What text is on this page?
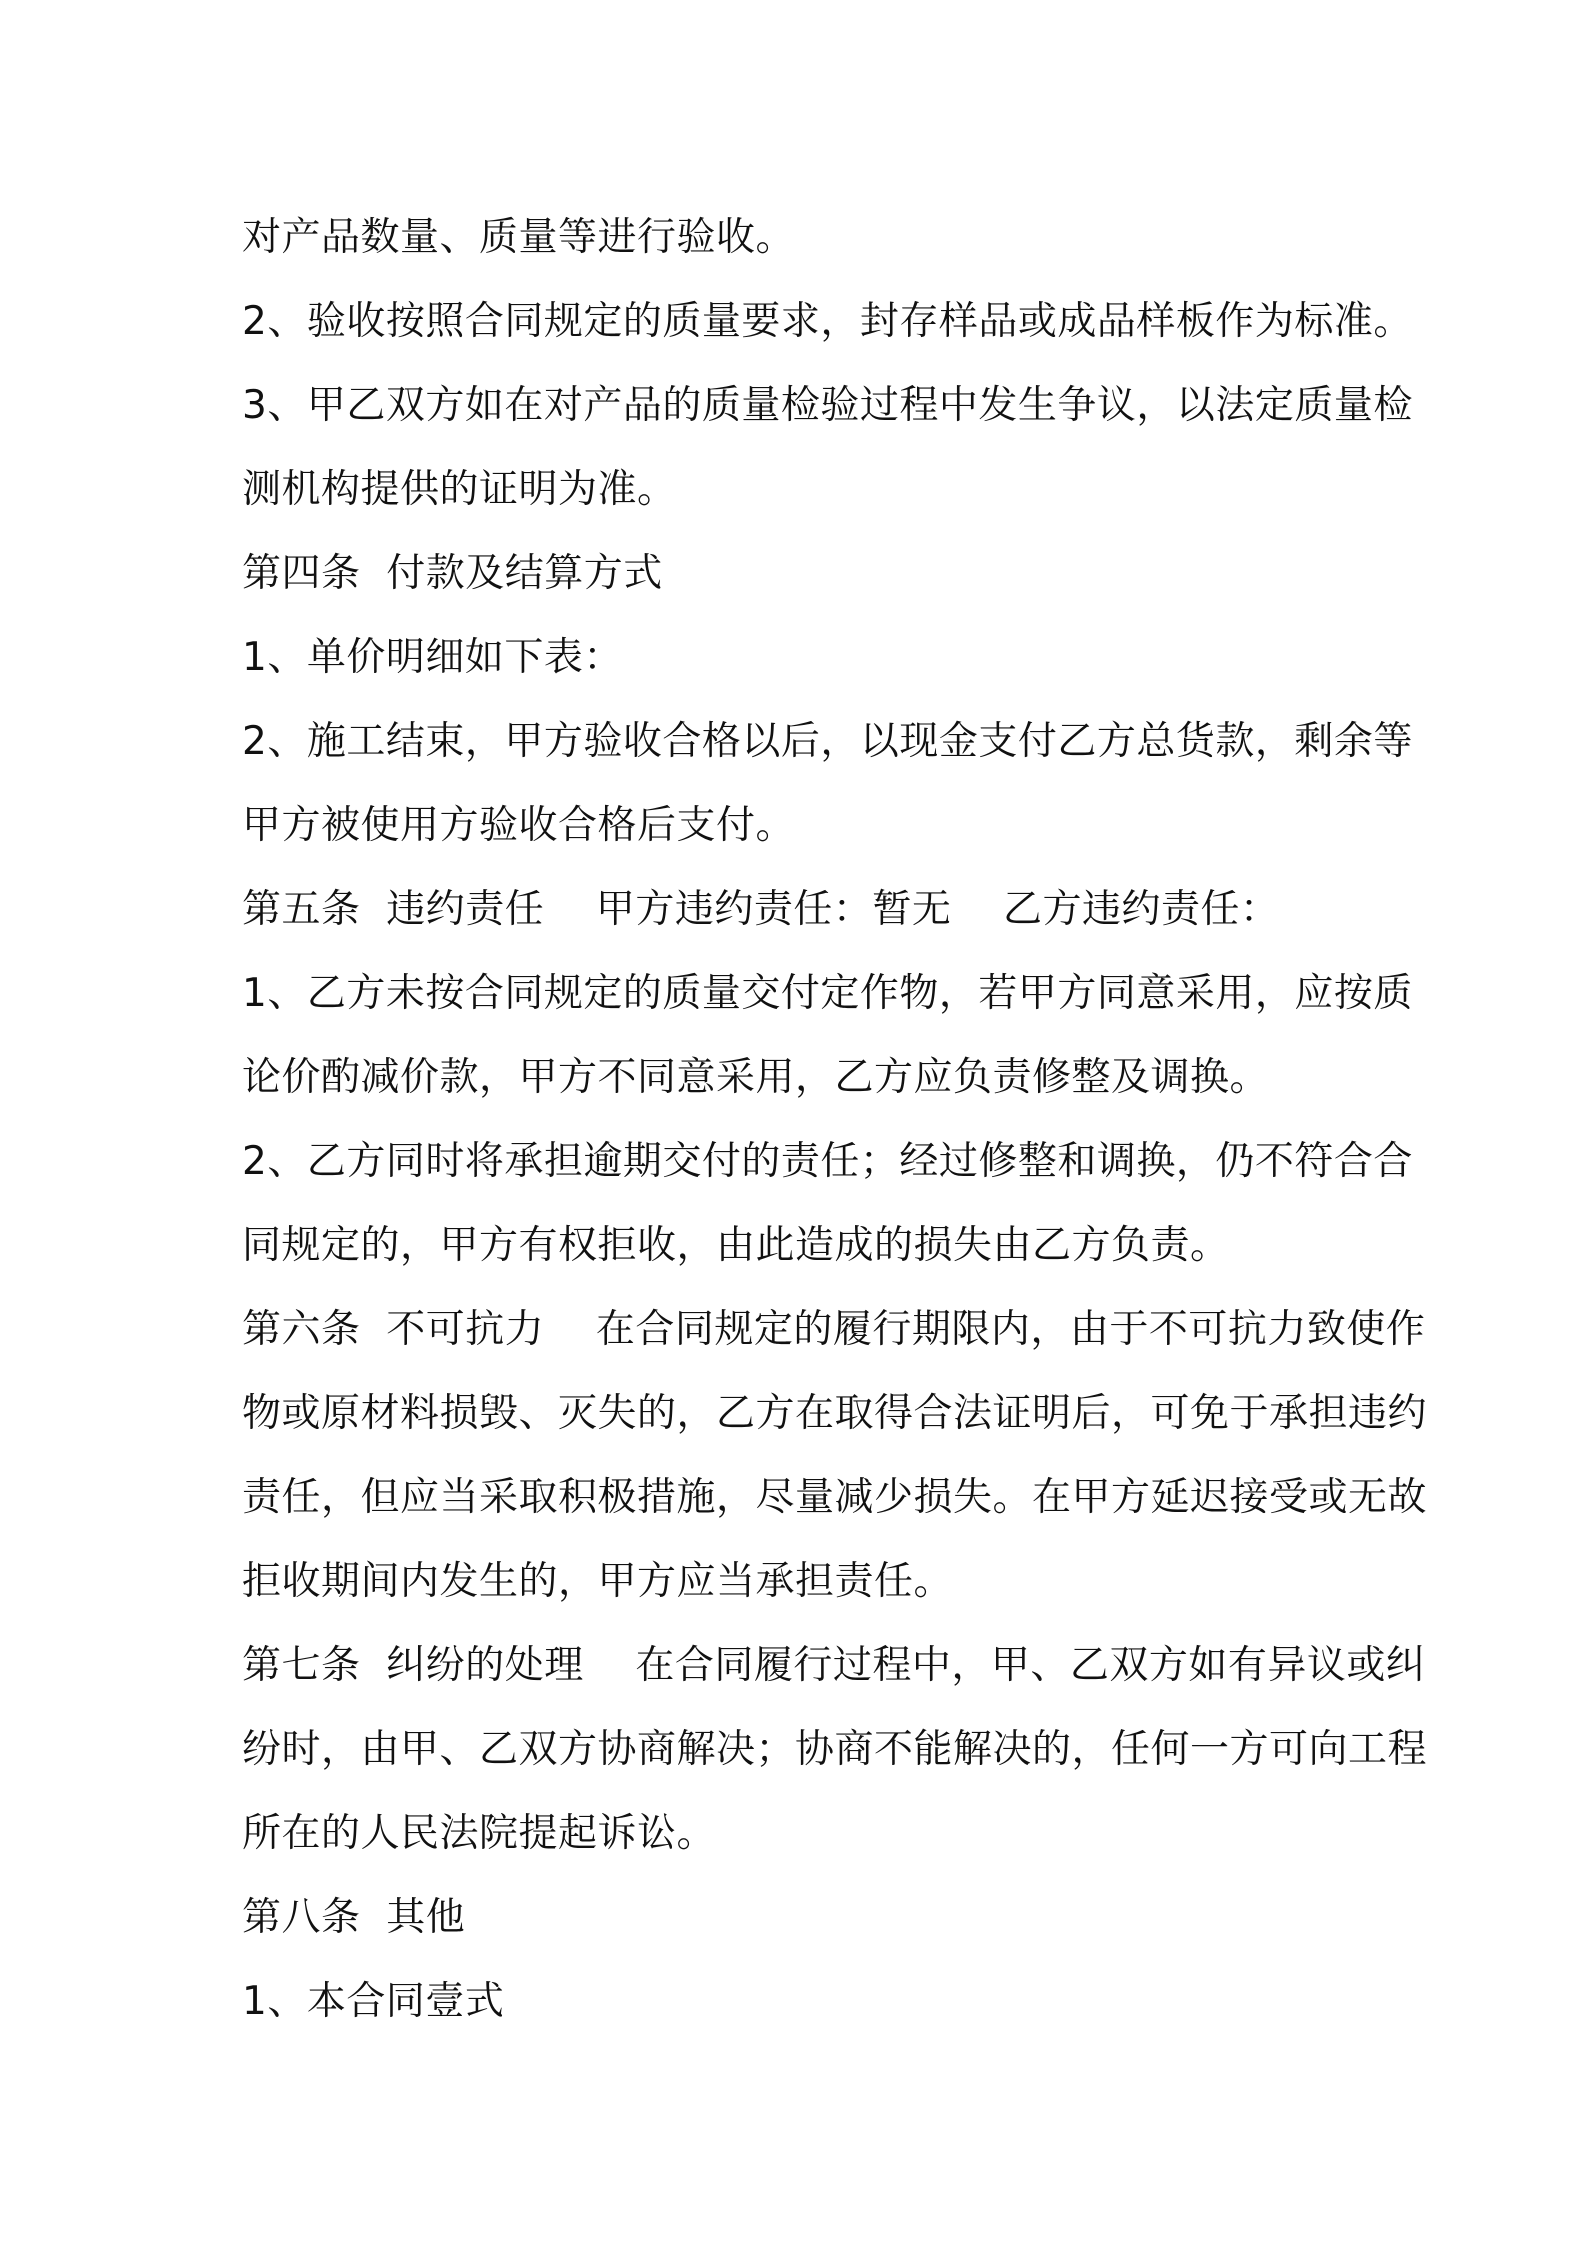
对产品数量、质量等进行验收。
2、验收按照合同规定的质量要求，封存样品或成品样板作为标准。
3、甲乙双方如在对产品的质量检验过程中发生争议，以法定质量检
测机构提供的证明为准。
第四条  付款及结算方式
1、单价明细如下表：
2、施工结束，甲方验收合格以后，以现金支付乙方总货款，剩余等
甲方被使用方验收合格后支付。
第五条  违约责任    甲方违约责任：暂无    乙方违约责任：
1、乙方未按合同规定的质量交付定作物，若甲方同意采用，应按质
论价酌减价款，甲方不同意采用，乙方应负责修整及调换。
2、乙方同时将承担逾期交付的责任；经过修整和调换，仍不符合合
同规定的，甲方有权拒收，由此造成的损失由乙方负责。
第六条  不可抗力    在合同规定的履行期限内，由于不可抗力致使作
物或原材料损毁、灭失的，乙方在取得合法证明后，可免于承担违约
责任，但应当采取积极措施，尽量减少损失。在甲方延迟接受或无故
拒收期间内发生的，甲方应当承担责任。
第七条  纠纷的处理    在合同履行过程中，甲、乙双方如有异议或纠
纷时，由甲、乙双方协商解决；协商不能解决的，任何一方可向工程
所在的人民法院提起诉讼。
第八条  其他
1、本合同壹式
